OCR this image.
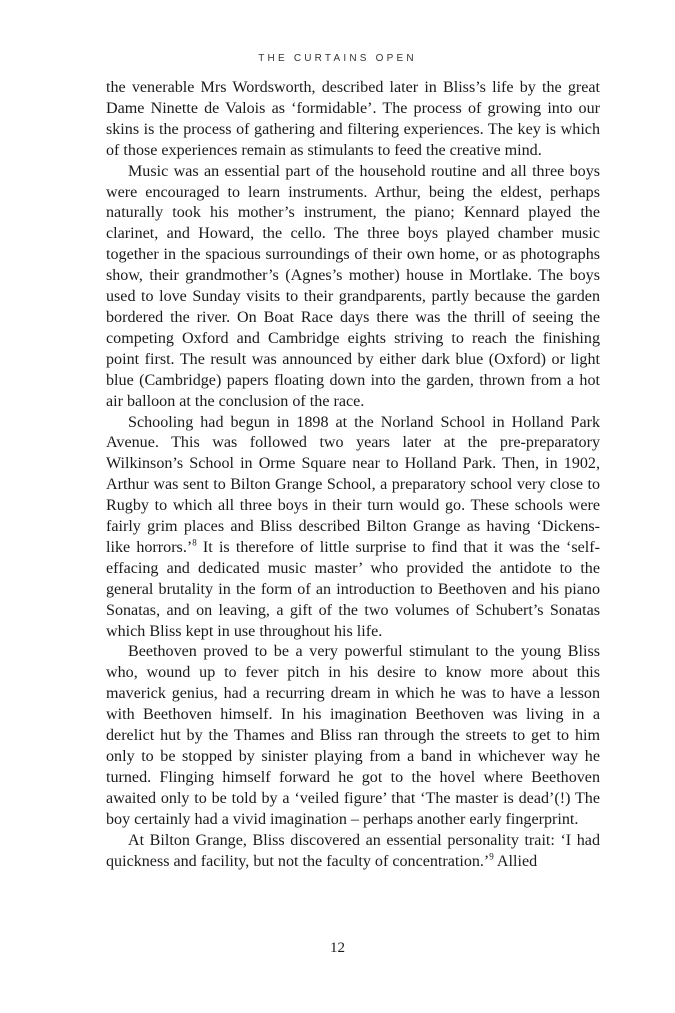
THE CURTAINS OPEN

the venerable Mrs Wordsworth, described later in Bliss’s life by the great Dame Ninette de Valois as ‘formidable’. The process of growing into our skins is the process of gathering and filtering experiences. The key is which of those experiences remain as stimulants to feed the creative mind.

Music was an essential part of the household routine and all three boys were encouraged to learn instruments. Arthur, being the eldest, perhaps naturally took his mother’s instrument, the piano; Kennard played the clarinet, and Howard, the cello. The three boys played chamber music together in the spacious surroundings of their own home, or as photographs show, their grandmother’s (Agnes’s mother) house in Mortlake. The boys used to love Sunday visits to their grandparents, partly because the garden bordered the river. On Boat Race days there was the thrill of seeing the competing Oxford and Cambridge eights striving to reach the finishing point first. The result was announced by either dark blue (Oxford) or light blue (Cambridge) papers floating down into the garden, thrown from a hot air balloon at the conclusion of the race.

Schooling had begun in 1898 at the Norland School in Holland Park Avenue. This was followed two years later at the pre-preparatory Wilkinson’s School in Orme Square near to Holland Park. Then, in 1902, Arthur was sent to Bilton Grange School, a preparatory school very close to Rugby to which all three boys in their turn would go. These schools were fairly grim places and Bliss described Bilton Grange as having ‘Dickens-like horrors.’$^8$ It is therefore of little surprise to find that it was the ‘self-effacing and dedicated music master’ who provided the antidote to the general brutality in the form of an introduction to Beethoven and his piano Sonatas, and on leaving, a gift of the two volumes of Schubert’s Sonatas which Bliss kept in use throughout his life.

Beethoven proved to be a very powerful stimulant to the young Bliss who, wound up to fever pitch in his desire to know more about this maverick genius, had a recurring dream in which he was to have a lesson with Beethoven himself. In his imagination Beethoven was living in a derelict hut by the Thames and Bliss ran through the streets to get to him only to be stopped by sinister playing from a band in whichever way he turned. Flinging himself forward he got to the hovel where Beethoven awaited only to be told by a ‘veiled figure’ that ‘The master is dead’(!) The boy certainly had a vivid imagination – perhaps another early fingerprint.

At Bilton Grange, Bliss discovered an essential personality trait: ‘I had quickness and facility, but not the faculty of concentration.’$^9$ Allied

12
